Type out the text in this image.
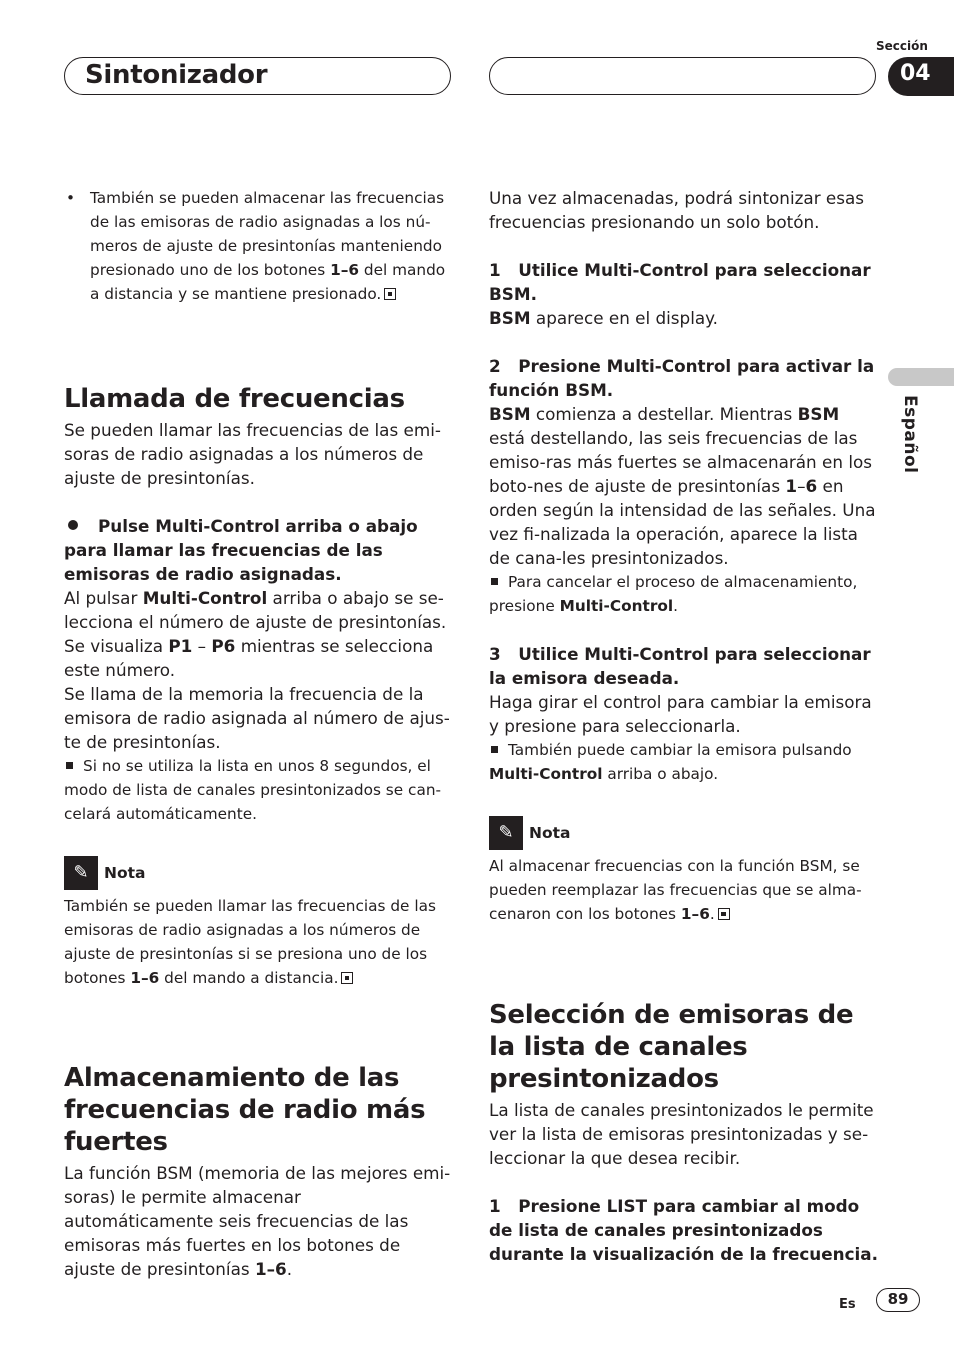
Sintonizador
Sección
04
Español
• También se pueden almacenar las frecuencias de las emisoras de radio asignadas a los nú-meros de ajuste de presintonías manteniendo presionado uno de los botones 1–6 del mando a distancia y se mantiene presionado.
Llamada de frecuencias

Se pueden llamar las frecuencias de las emi-soras de radio asignadas a los números de ajuste de presintonías.

Pulse Multi-Control arriba o abajo para llamar las frecuencias de las emisoras de radio asignadas.

Al pulsar Multi-Control arriba o abajo se se-lecciona el número de ajuste de presintonías. Se visualiza P1 – P6 mientras se selecciona este número.

Se llama de la memoria la frecuencia de la emisora de radio asignada al número de ajus-te de presintonías.

Si no se utiliza la lista en unos 8 segundos, el modo de lista de canales presintonizados se can-celará automáticamente.

✎ Nota

También se pueden llamar las frecuencias de las emisoras de radio asignadas a los números de ajuste de presintonías si se presiona uno de los botones 1–6 del mando a distancia.

Almacenamiento de las frecuencias de radio más fuertes

La función BSM (memoria de las mejores emi-soras) le permite almacenar automáticamente seis frecuencias de las emisoras más fuertes en los botones de ajuste de presintonías 1–6.

Una vez almacenadas, podrá sintonizar esas frecuencias presionando un solo botón.

1 Utilice Multi-Control para seleccionar BSM.

BSM aparece en el display.

2 Presione Multi-Control para activar la función BSM.

BSM comienza a destellar. Mientras BSM está destellando, las seis frecuencias de las emiso-ras más fuertes se almacenarán en los boto-nes de ajuste de presintonías 1–6 en orden según la intensidad de las señales. Una vez fi-nalizada la operación, aparece la lista de cana-les presintonizados.

Para cancelar el proceso de almacenamiento, presione Multi-Control.

3 Utilice Multi-Control para seleccionar la emisora deseada.

Haga girar el control para cambiar la emisora y presione para seleccionarla.

También puede cambiar la emisora pulsando Multi-Control arriba o abajo.

✎ Nota

Al almacenar frecuencias con la función BSM, se pueden reemplazar las frecuencias que se alma-cenaron con los botones 1–6.

Selección de emisoras de la lista de canales presintonizados

La lista de canales presintonizados le permite ver la lista de emisoras presintonizadas y se-leccionar la que desea recibir.

1 Presione LIST para cambiar al modo de lista de canales presintonizados durante la visualización de la frecuencia.

Es	89
